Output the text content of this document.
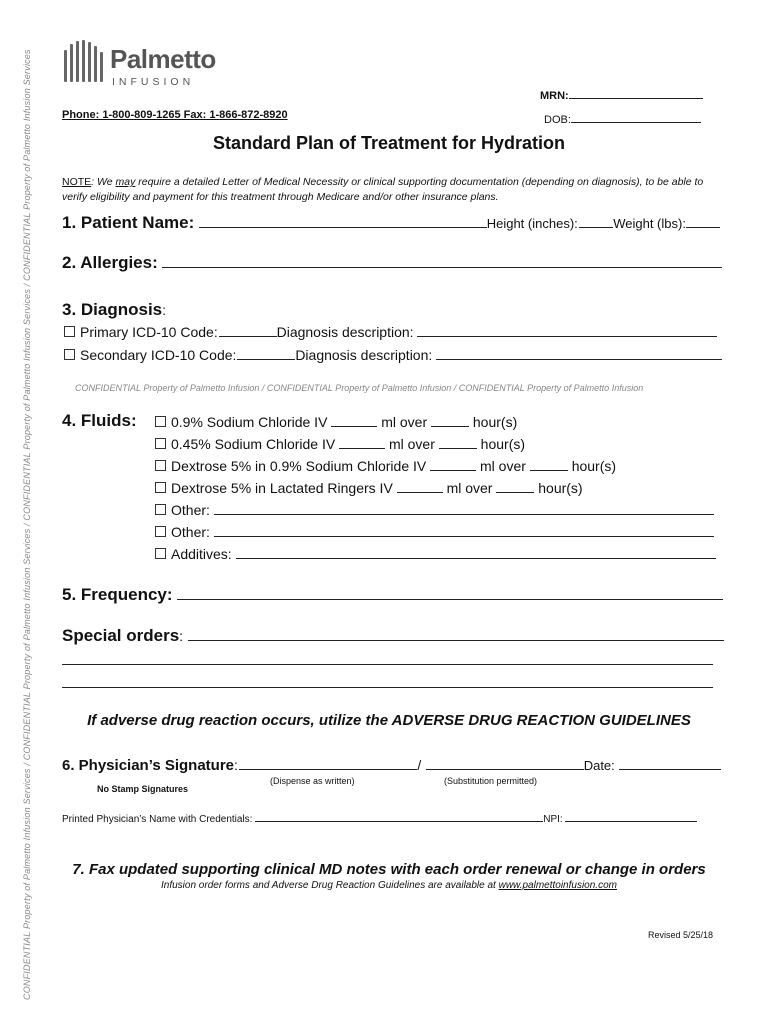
CONFIDENTIAL Property of Palmetto Infusion Services / CONFIDENTIAL Property of Palmetto Infusion Services / CONFIDENTIAL Property of Palmetto Infusion Services / CONFIDENTIAL Property of Palmetto Infusion Services	Palmetto
INFUSION
MRN:
Phone: 1-800-809-1265 Fax: 1-866-872-8920	DOB:
Standard Plan of Treatment for Hydration
NOTE: We may require a detailed Letter of Medical Necessity or clinical supporting documentation (depending on diagnosis), to be able to
verify eligibility and payment for this treatment through Medicare and/or other insurance plans.
1. Patient Name:	Height (inches):	Weight (lbs):
2. Allergies:
3. Diagnosis:
Primary ICD-10 Code:	Diagnosis description:
Secondary ICD-10 Code:	Diagnosis description:
CONFIDENTIAL Property of Palmetto Infusion / CONFIDENTIAL Property of Palmetto Infusion / CONFIDENTIAL Property of Palmetto Infusion
4. Fluids:	0.9% Sodium Chloride IV	ml over	hour(s)
0.45% Sodium Chloride IV	ml over	hour(s)
Dextrose 5% in 0.9% Sodium Chloride IV	ml over	hour(s)
Dextrose 5% in Lactated Ringers IV	ml over	hour(s)
Other:
Other:
Additives:
5. Frequency:
Special orders:
If adverse drug reaction occurs, utilize the ADVERSE DRUG REACTION GUIDELINES
6. Physician’s Signature:	/	Date:
(Dispense as written)	(Substitution permitted)
No Stamp Signatures
Printed Physician’s Name with Credentials:	NPI:
7. Fax updated supporting clinical MD notes with each order renewal or change in orders
Infusion order forms and Adverse Drug Reaction Guidelines are available at www.palmettoinfusion.com
Revised 5/25/18
